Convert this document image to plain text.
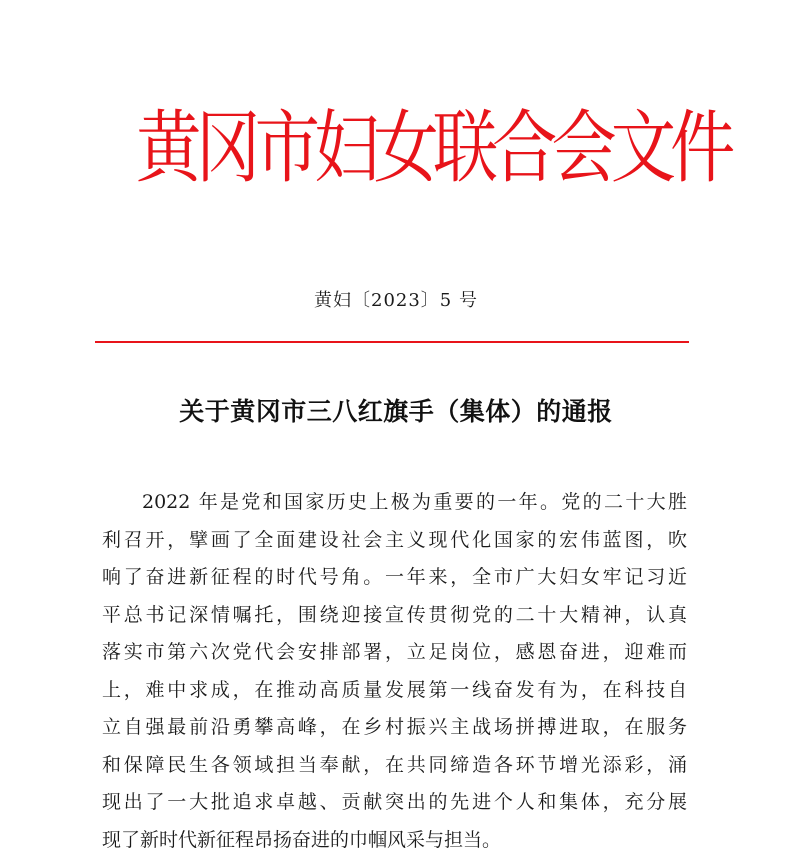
黄冈市妇女联合会文件
黄妇〔2023〕5 号
关于黄冈市三八红旗手（集体）的通报
2022 年是党和国家历史上极为重要的一年。党的二十大胜
利召开，擘画了全面建设社会主义现代化国家的宏伟蓝图，吹
响了奋进新征程的时代号角。一年来，全市广大妇女牢记习近
平总书记深情嘱托，围绕迎接宣传贯彻党的二十大精神，认真
落实市第六次党代会安排部署，立足岗位，感恩奋进，迎难而
上，难中求成，在推动高质量发展第一线奋发有为，在科技自
立自强最前沿勇攀高峰，在乡村振兴主战场拼搏进取，在服务
和保障民生各领域担当奉献，在共同缔造各环节增光添彩，涌
现出了一大批追求卓越、贡献突出的先进个人和集体，充分展
现了新时代新征程昂扬奋进的巾帼风采与担当。
